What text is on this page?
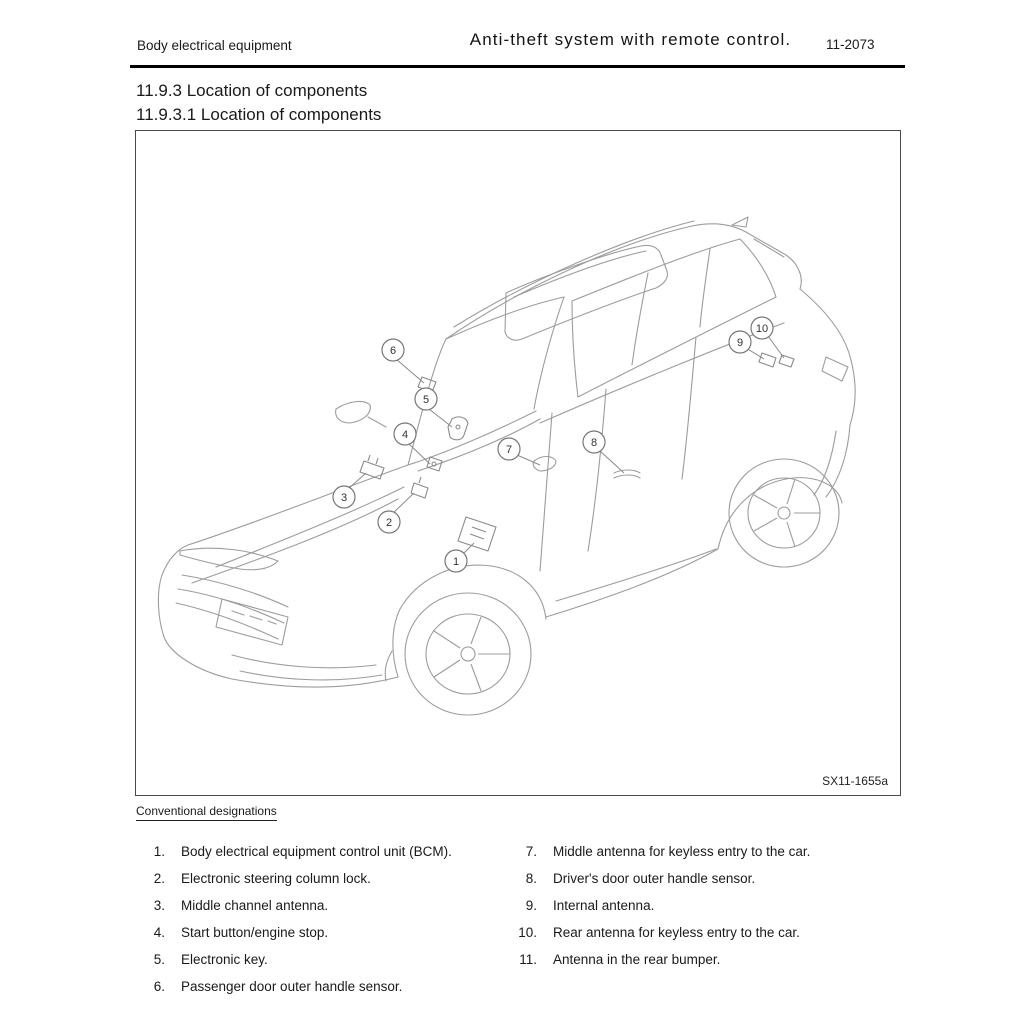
Body electrical equipment	Anti-theft system with remote control.	11-2073
11.9.3 Location of components
11.9.3.1 Location of components
1
2
3
4
5
6
7
8
9
10
SX11-1655a
Conventional designations
1. Body electrical equipment control unit (BCM).
2. Electronic steering column lock.
3. Middle channel antenna.
4. Start button/engine stop.
5. Electronic key.
6. Passenger door outer handle sensor.
7. Middle antenna for keyless entry to the car.
8. Driver's door outer handle sensor.
9. Internal antenna.
10. Rear antenna for keyless entry to the car.
11. Antenna in the rear bumper.
